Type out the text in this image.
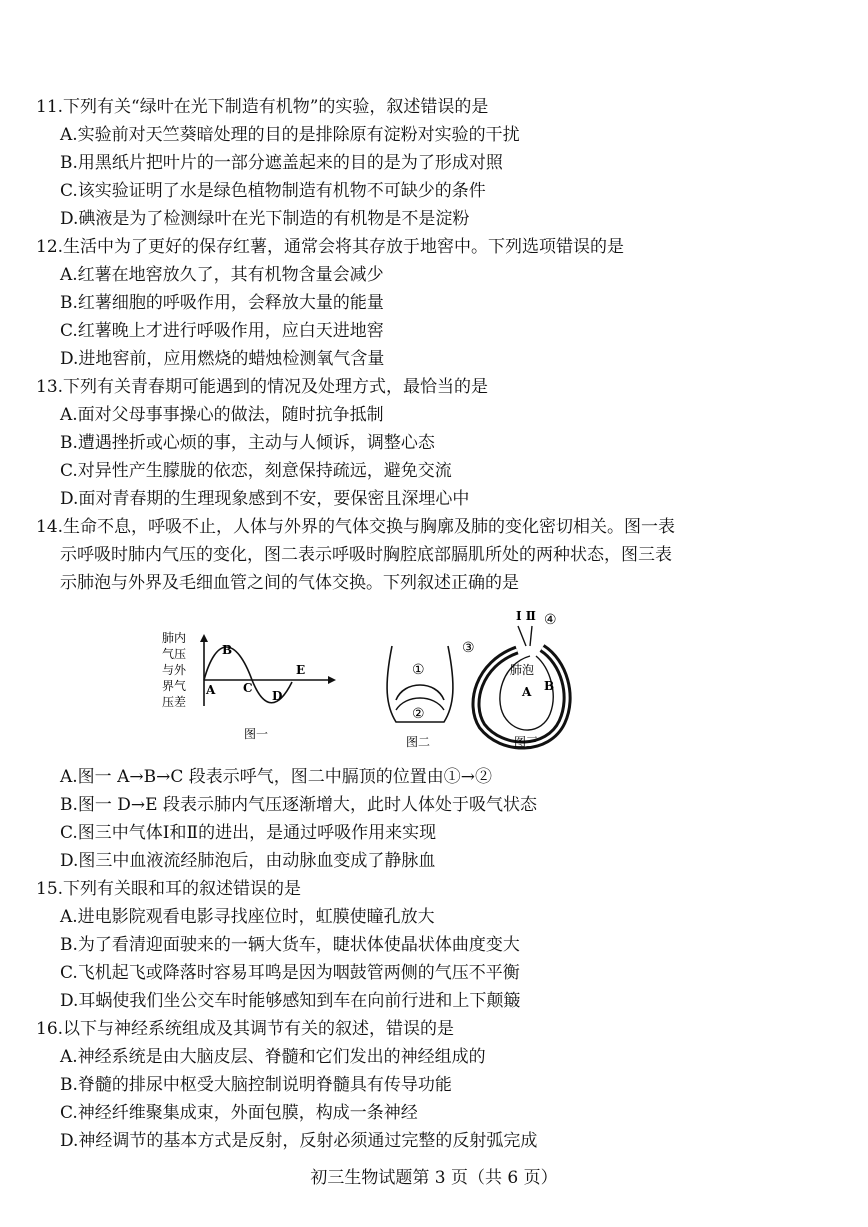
11.下列有关“绿叶在光下制造有机物”的实验，叙述错误的是
A.实验前对天竺葵暗处理的目的是排除原有淀粉对实验的干扰
B.用黑纸片把叶片的一部分遮盖起来的目的是为了形成对照
C.该实验证明了水是绿色植物制造有机物不可缺少的条件
D.碘液是为了检测绿叶在光下制造的有机物是不是淀粉
12.生活中为了更好的保存红薯，通常会将其存放于地窖中。下列选项错误的是
A.红薯在地窖放久了，其有机物含量会减少
B.红薯细胞的呼吸作用，会释放大量的能量
C.红薯晚上才进行呼吸作用，应白天进地窖
D.进地窖前，应用燃烧的蜡烛检测氧气含量
13.下列有关青春期可能遇到的情况及处理方式，最恰当的是
A.面对父母事事操心的做法，随时抗争抵制
B.遭遇挫折或心烦的事，主动与人倾诉，调整心态
C.对异性产生朦胧的依恋，刻意保持疏远，避免交流
D.面对青春期的生理现象感到不安，要保密且深埋心中
14.生命不息，呼吸不止，人体与外界的气体交换与胸廓及肺的变化密切相关。图一表
示呼吸时肺内气压的变化，图二表示呼吸时胸腔底部膈肌所处的两种状态，图三表
示肺泡与外界及毛细血管之间的气体交换。下列叙述正确的是
肺内
气压
与外
界气
压差
A
B
C
D
E
图一
①
②
图二
Ⅰ Ⅱ ④
③
肺泡
A B
图三
A.图一 A→B→C 段表示呼气，图二中膈顶的位置由①→②
B.图一 D→E 段表示肺内气压逐渐增大，此时人体处于吸气状态
C.图三中气体Ⅰ和Ⅱ的进出，是通过呼吸作用来实现
D.图三中血液流经肺泡后，由动脉血变成了静脉血
15.下列有关眼和耳的叙述错误的是
A.进电影院观看电影寻找座位时，虹膜使瞳孔放大
B.为了看清迎面驶来的一辆大货车，睫状体使晶状体曲度变大
C.飞机起飞或降落时容易耳鸣是因为咽鼓管两侧的气压不平衡
D.耳蜗使我们坐公交车时能够感知到车在向前行进和上下颠簸
16.以下与神经系统组成及其调节有关的叙述，错误的是
A.神经系统是由大脑皮层、脊髓和它们发出的神经组成的
B.脊髓的排尿中枢受大脑控制说明脊髓具有传导功能
C.神经纤维聚集成束，外面包膜，构成一条神经
D.神经调节的基本方式是反射，反射必须通过完整的反射弧完成
初三生物试题第 3 页（共 6 页）
